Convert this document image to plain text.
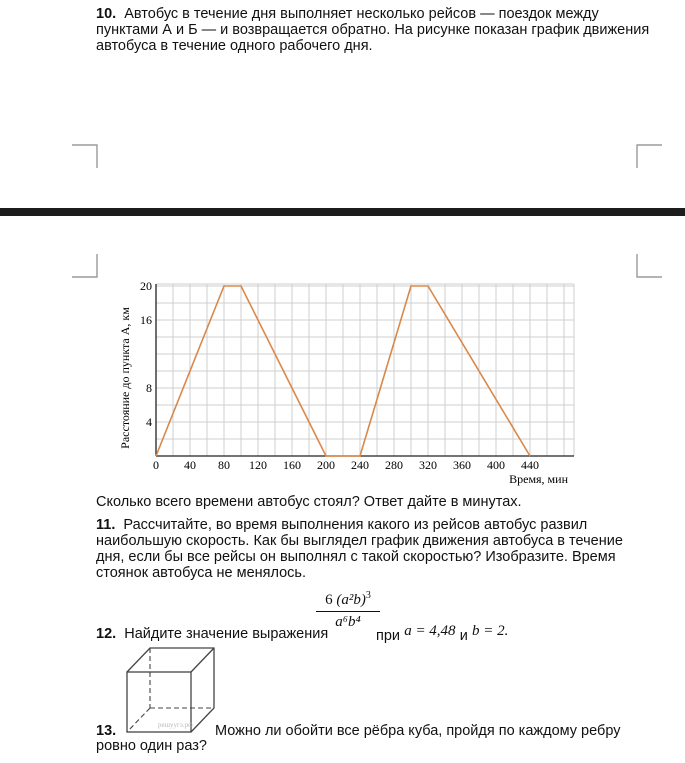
10. Автобус в течение дня выполняет несколько рейсов — поездок между
пунктами А и Б — и возвращается обратно. На рисунке показан график движения
автобуса в течение одного рабочего дня.
0 40 80 120 160 200 240 280 320 360 400 440
4
8
16
20
Время, мин
Расстояние до пункта А, км
Сколько всего времени автобус стоял? Ответ дайте в минутах.
11. Рассчитайте, во время выполнения какого из рейсов автобус развил
наибольшую скорость. Как бы выглядел график движения автобуса в течение
дня, если бы все рейсы он выполнял с такой скоростью? Изобразите. Время
стоянок автобуса не менялось.
12. Найдите значение выражения
6 $(a^2b)^3$
a⁶b⁴
при a = 4,48 и b = 2.
решуугэ.рф
13.	Можно ли обойти все рёбра куба, пройдя по каждому ребру
ровно один раз?
